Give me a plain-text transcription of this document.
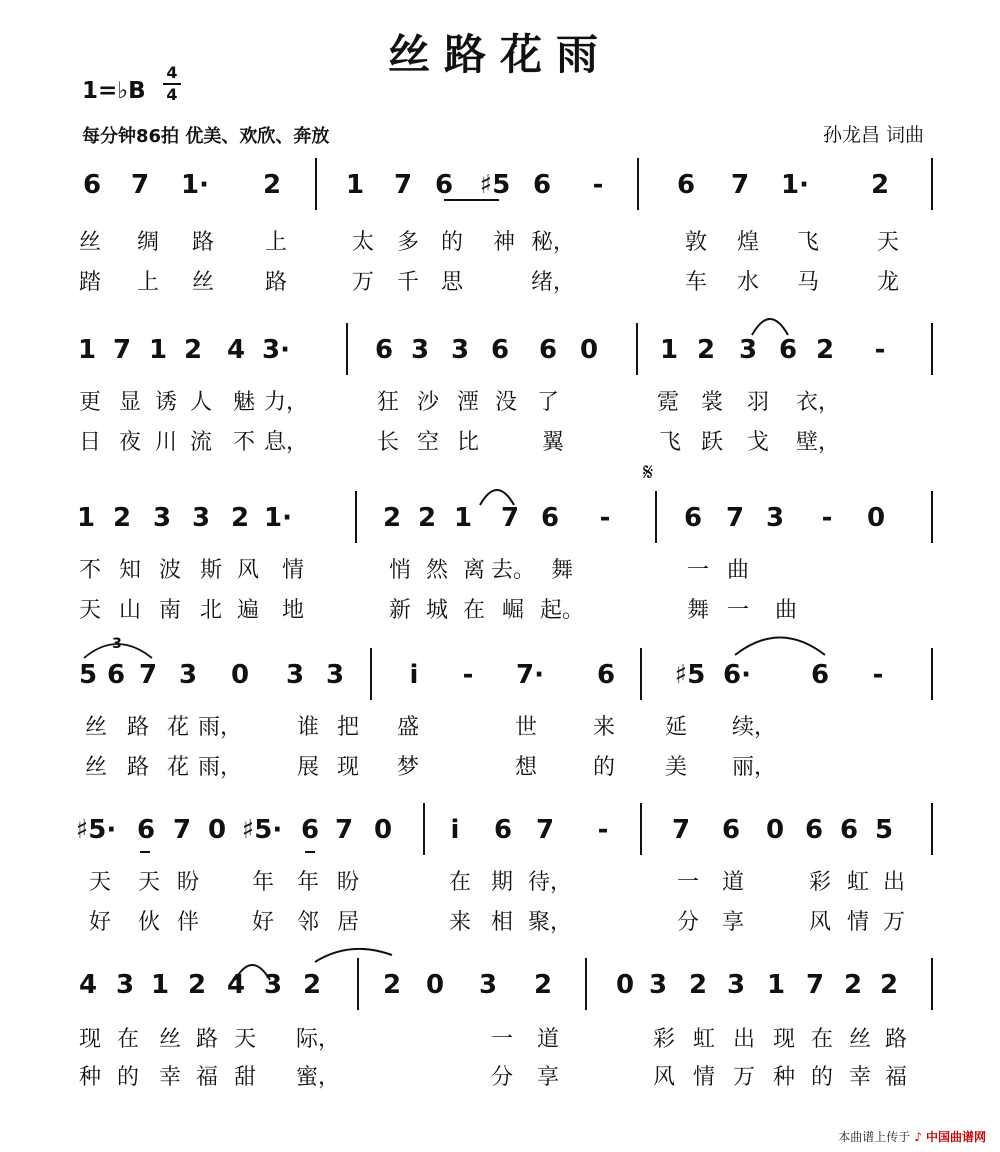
丝路花雨
1=♭B
4
4
每分钟86拍 优美、欢欣、奔放	孙龙昌 词曲
𝄋
6 7 1· 2 1 7 6 ♯5 6 -	6 7 1· 2
丝 绸 路 上	太 多 的 神 秘，	敦 煌 飞	天
踏 上 丝 路	万 千 思	绪，	车 水 马	龙
1 7 1 2 4 3·	6 3 3 6 6 0 1 2 3 6 2 -
更 显 诱 人 魅 力，	狂 沙 湮 没 了	霓 裳 羽 衣，
日 夜 川 流 不 息，	长 空 比	翼	飞 跃 戈 壁，
1 2 3 3 2 1·	2 2 1 7 6 -	6 7 3 - 0
不 知 波 斯 风 情	悄 然 离 去。 舞	一 曲
天 山 南 北 遍 地	新 城 在 崛 起。	舞 一 曲
5 6 7 3 0 3 3	i - 7· 6 ♯5 6· 6 -
3
丝 路 花 雨， 谁 把 盛	世	来 延 续，
丝 路 花 雨， 展 现 梦	想	的 美 丽，
♯5· 6 7 0 ♯5· 6 7 0 i 6 7 - 7 6 0 6 6 5
天 天 盼 年 年 盼	在 期 待，	一 道	彩 虹 出
好 伙 伴 好 邻 居	来 相 聚，	分 享	风 情 万
4 3 1 2 4 3 2 2 0 3 2 0 3 2 3 1 7 2 2
现 在 丝 路 天 际，	一 道	彩 虹 出 现 在 丝 路
种 的 幸 福 甜 蜜，	分 享	风 情 万 种 的 幸 福
本曲谱上传于 ♪ 中国曲谱网
